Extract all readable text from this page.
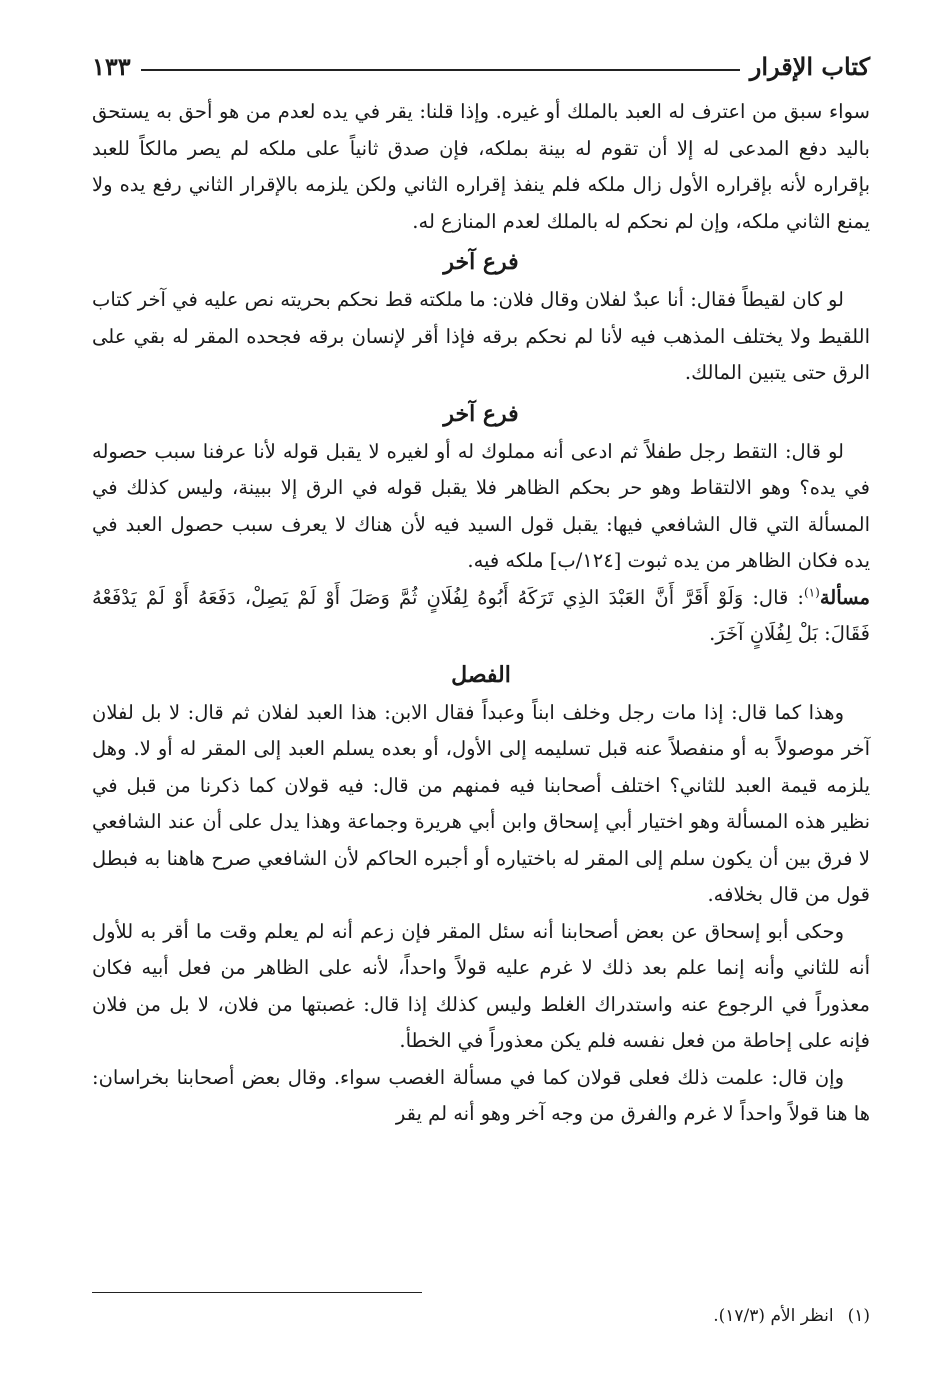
كتاب الإقرار
١٣٣

سواء سبق من اعترف له العبد بالملك أو غيره. وإذا قلنا: يقر في يده لعدم من هو أحق به يستحق باليد دفع المدعى له إلا أن تقوم له بينة بملكه، فإن صدق ثانياً على ملكه لم يصر مالكاً للعبد بإقراره لأنه بإقراره الأول زال ملكه فلم ينفذ إقراره الثاني ولكن يلزمه بالإقرار الثاني رفع يده ولا يمنع الثاني ملكه، وإن لم نحكم له بالملك لعدم المنازع له.

فرع آخر

لو كان لقيطاً فقال: أنا عبدٌ لفلان وقال فلان: ما ملكته قط نحكم بحريته نص عليه في آخر كتاب اللقيط ولا يختلف المذهب فيه لأنا لم نحكم برقه فإذا أقر لإنسان برقه فجحده المقر له بقي على الرق حتى يتبين المالك.

فرع آخر

لو قال: التقط رجل طفلاً ثم ادعى أنه مملوك له أو لغيره لا يقبل قوله لأنا عرفنا سبب حصوله في يده؟ وهو الالتقاط وهو حر بحكم الظاهر فلا يقبل قوله في الرق إلا ببينة، وليس كذلك في المسألة التي قال الشافعي فيها: يقبل قول السيد فيه لأن هناك لا يعرف سبب حصول العبد في يده فكان الظاهر من يده ثبوت [١٢٤/ب] ملكه فيه.

مسألة$^{(١)}$: قال: وَلَوْ أَقَرَّ أَنَّ العَبْدَ الذِي تَرَكَهُ أَبُوهُ لِفُلَانٍ ثُمَّ وَصَلَ أَوْ لَمْ يَصِلْ، دَفَعَهُ أَوْ لَمْ يَدْفَعْهُ فَقَالَ: بَلْ لِفُلَانٍ آخَرَ.

الفصل

وهذا كما قال: إذا مات رجل وخلف ابناً وعبداً فقال الابن: هذا العبد لفلان ثم قال: لا بل لفلان آخر موصولاً به أو منفصلاً عنه قبل تسليمه إلى الأول، أو بعده يسلم العبد إلى المقر له أو لا. وهل يلزمه قيمة العبد للثاني؟ اختلف أصحابنا فيه فمنهم من قال: فيه قولان كما ذكرنا من قبل في نظير هذه المسألة وهو اختيار أبي إسحاق وابن أبي هريرة وجماعة وهذا يدل على أن عند الشافعي لا فرق بين أن يكون سلم إلى المقر له باختياره أو أجبره الحاكم لأن الشافعي صرح هاهنا به فبطل قول من قال بخلافه.

وحكى أبو إسحاق عن بعض أصحابنا أنه سئل المقر فإن زعم أنه لم يعلم وقت ما أقر به للأول أنه للثاني وأنه إنما علم بعد ذلك لا غرم عليه قولاً واحداً، لأنه على الظاهر من فعل أبيه فكان معذوراً في الرجوع عنه واستدراك الغلط وليس كذلك إذا قال: غصبتها من فلان، لا بل من فلان فإنه على إحاطة من فعل نفسه فلم يكن معذوراً في الخطأ.

وإن قال: علمت ذلك فعلى قولان كما في مسألة الغصب سواء. وقال بعض أصحابنا بخراسان: ها هنا قولاً واحداً لا غرم والفرق من وجه آخر وهو أنه لم يقر

(١)انظر الأم (١٧/٣).
